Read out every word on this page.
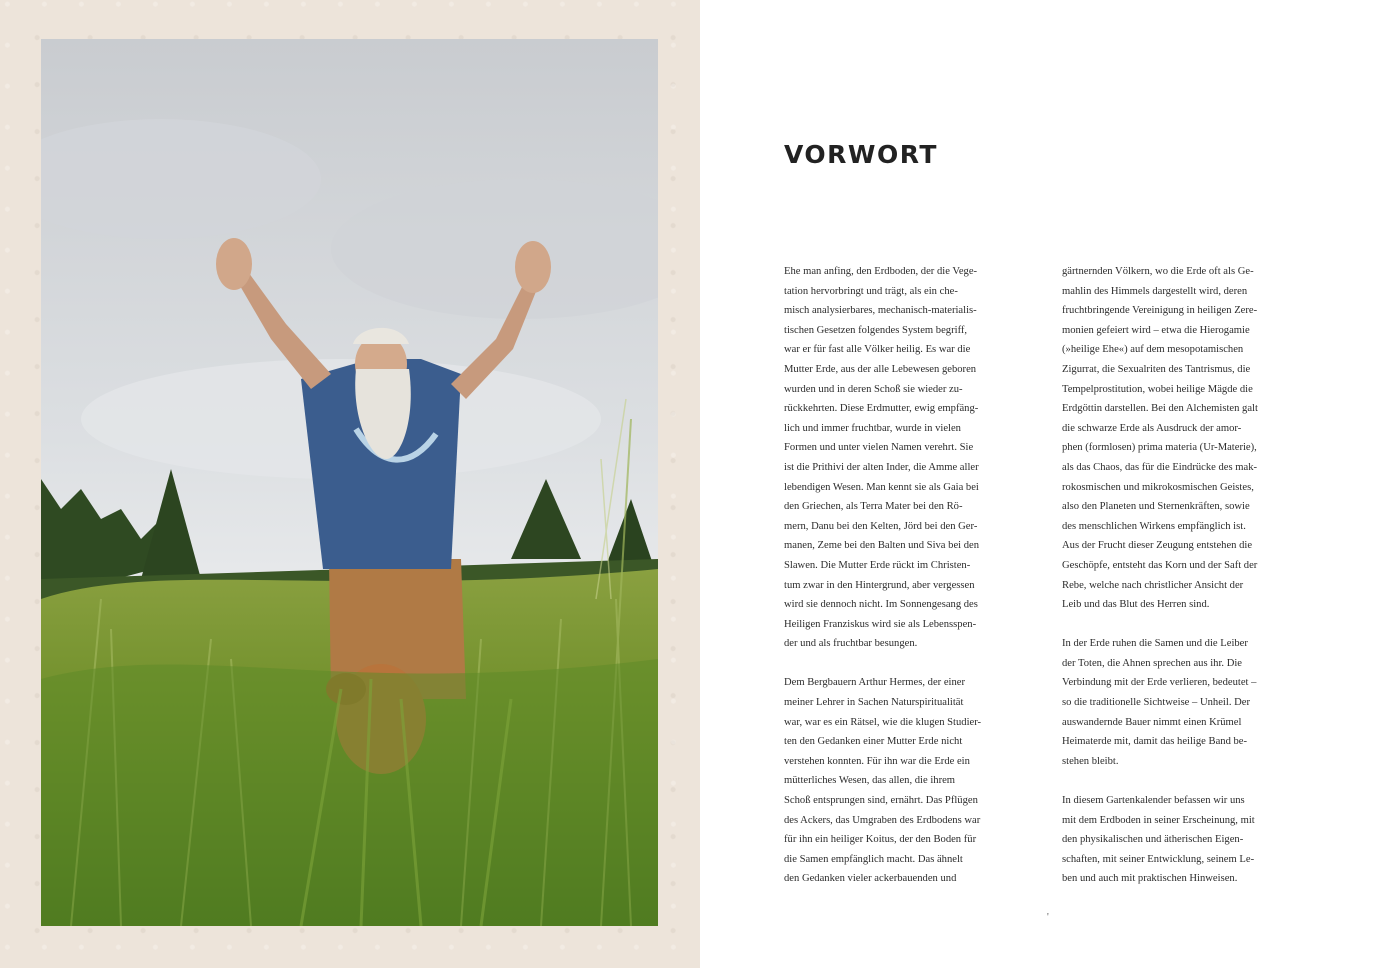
VORWORT

Ehe man anfing, den Erdboden, der die Vege-
tation hervorbringt und trägt, als ein che-
misch analysierbares, mechanisch-materialis-
tischen Gesetzen folgendes System begriff,
war er für fast alle Völker heilig. Es war die
Mutter Erde, aus der alle Lebewesen geboren
wurden und in deren Schoß sie wieder zu-
rückkehrten. Diese Erdmutter, ewig empfäng-
lich und immer fruchtbar, wurde in vielen
Formen und unter vielen Namen verehrt. Sie
ist die Prithivi der alten Inder, die Amme aller
lebendigen Wesen. Man kennt sie als Gaia bei
den Griechen, als Terra Mater bei den Rö-
mern, Danu bei den Kelten, Jörd bei den Ger-
manen, Zeme bei den Balten und Siva bei den
Slawen. Die Mutter Erde rückt im Christen-
tum zwar in den Hintergrund, aber vergessen
wird sie dennoch nicht. Im Sonnengesang des
Heiligen Franziskus wird sie als Lebensspen-
der und als fruchtbar besungen.

Dem Bergbauern Arthur Hermes, der einer
meiner Lehrer in Sachen Naturspiritualität
war, war es ein Rätsel, wie die klugen Studier-
ten den Gedanken einer Mutter Erde nicht
verstehen konnten. Für ihn war die Erde ein
mütterliches Wesen, das allen, die ihrem
Schoß entsprungen sind, ernährt. Das Pflügen
des Ackers, das Umgraben des Erdbodens war
für ihn ein heiliger Koitus, der den Boden für
die Samen empfänglich macht. Das ähnelt
den Gedanken vieler ackerbauenden und

gärtnernden Völkern, wo die Erde oft als Ge-
mahlin des Himmels dargestellt wird, deren
fruchtbringende Vereinigung in heiligen Zere-
monien gefeiert wird – etwa die Hierogamie
(»heilige Ehe«) auf dem mesopotamischen
Zigurrat, die Sexualriten des Tantrismus, die
Tempelprostitution, wobei heilige Mägde die
Erdgöttin darstellen. Bei den Alchemisten galt
die schwarze Erde als Ausdruck der amor-
phen (formlosen) prima materia (Ur-Materie),
als das Chaos, das für die Eindrücke des mak-
rokosmischen und mikrokosmischen Geistes,
also den Planeten und Sternenkräften, sowie
des menschlichen Wirkens empfänglich ist.
Aus der Frucht dieser Zeugung entstehen die
Geschöpfe, entsteht das Korn und der Saft der
Rebe, welche nach christlicher Ansicht der
Leib und das Blut des Herren sind.

In der Erde ruhen die Samen und die Leiber
der Toten, die Ahnen sprechen aus ihr. Die
Verbindung mit der Erde verlieren, bedeutet –
so die traditionelle Sichtweise – Unheil. Der
auswandernde Bauer nimmt einen Krümel
Heimaterde mit, damit das heilige Band be-
stehen bleibt.

In diesem Gartenkalender befassen wir uns
mit dem Erdboden in seiner Erscheinung, mit
den physikalischen und ätherischen Eigen-
schaften, mit seiner Entwicklung, seinem Le-
ben und auch mit praktischen Hinweisen.

'
